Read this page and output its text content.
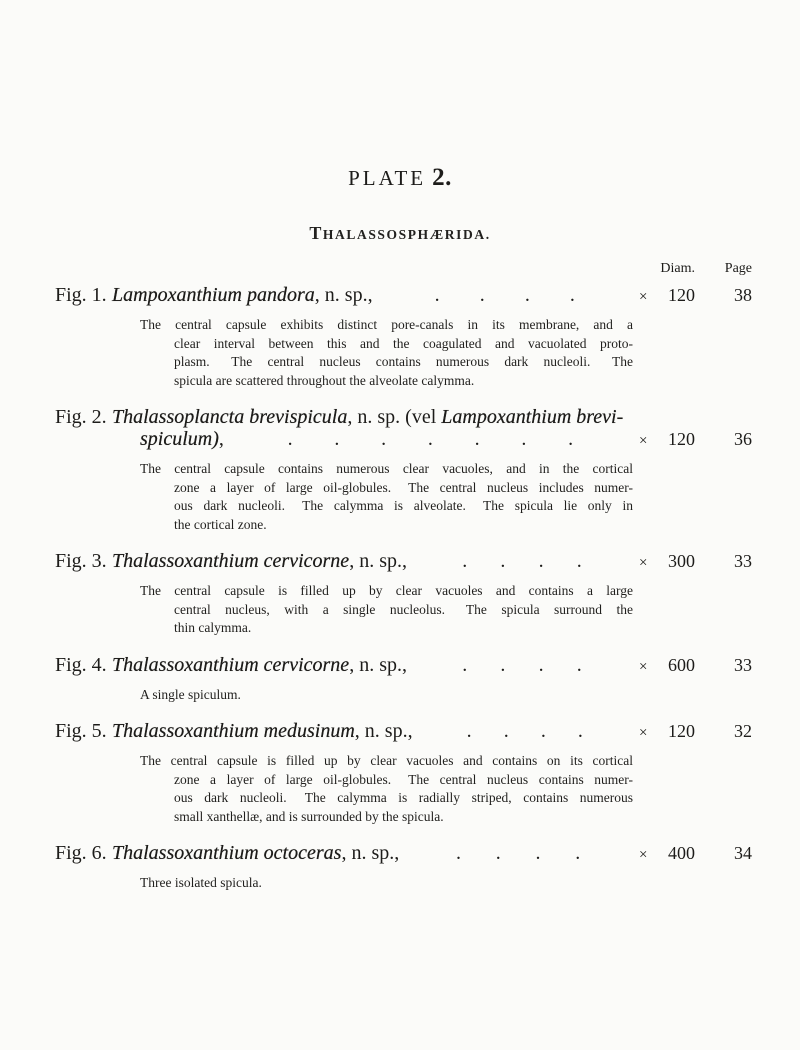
PLATE 2.
THALASSOSPHÆRIDA.
Diam.	Page
Fig. 1. Lampoxanthium pandora, n. sp.,	. . . .	× 120	38
The central capsule exhibits distinct pore-canals in its membrane, and a
clear interval between this and the coagulated and vacuolated proto-
plasm.  The central nucleus contains numerous dark nucleoli.  The
spicula are scattered throughout the alveolate calymma.
Fig. 2. Thalassoplancta brevispicula, n. sp. (vel Lampoxanthium brevi-
spiculum),	. . . . . . .	× 120	36
The central capsule contains numerous clear vacuoles, and in the cortical
zone a layer of large oil-globules.  The central nucleus includes numer-
ous dark nucleoli.  The calymma is alveolate.  The spicula lie only in
the cortical zone.
Fig. 3. Thalassoxanthium cervicorne, n. sp.,	. . . .	× 300	33
The central capsule is filled up by clear vacuoles and contains a large
central nucleus, with a single nucleolus.  The spicula surround the
thin calymma.
Fig. 4. Thalassoxanthium cervicorne, n. sp.,	. . . .	× 600	33
A single spiculum.
Fig. 5. Thalassoxanthium medusinum, n. sp.,	. . . .	× 120	32
The central capsule is filled up by clear vacuoles and contains on its cortical
zone a layer of large oil-globules.  The central nucleus contains numer-
ous dark nucleoli.  The calymma is radially striped, contains numerous
small xanthellæ, and is surrounded by the spicula.
Fig. 6. Thalassoxanthium octoceras, n. sp.,	. . . .	× 400	34
Three isolated spicula.
